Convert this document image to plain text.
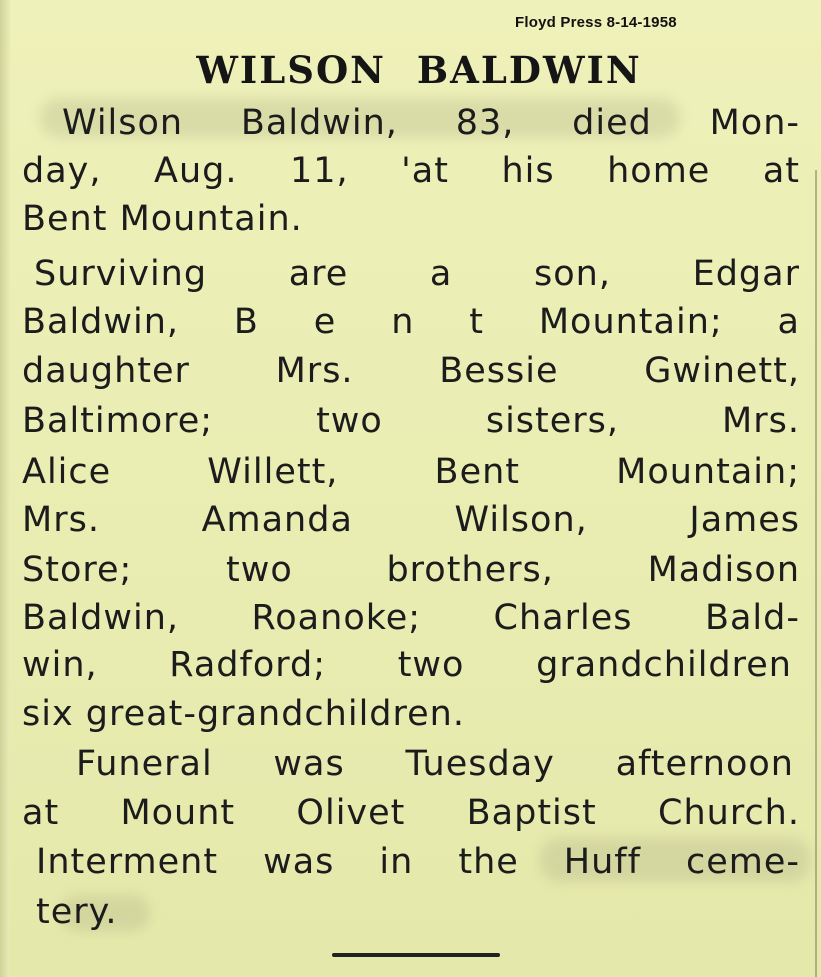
Floyd Press 8-14-1958
WILSON BALDWIN
Wilson Baldwin, 83, died Mon-
day, Aug. 11, 'at his home at
Bent Mountain.
Surviving are a son, Edgar
Baldwin, B e n t Mountain; a
daughter Mrs. Bessie Gwinett,
Baltimore; two sisters, Mrs.
Alice Willett, Bent Mountain;
Mrs. Amanda Wilson, James
Store; two brothers, Madison
Baldwin, Roanoke; Charles Bald-
win, Radford; two grandchildren
six great-grandchildren.
Funeral was Tuesday afternoon
at Mount Olivet Baptist Church.
Interment was in the Huff ceme-
tery.
